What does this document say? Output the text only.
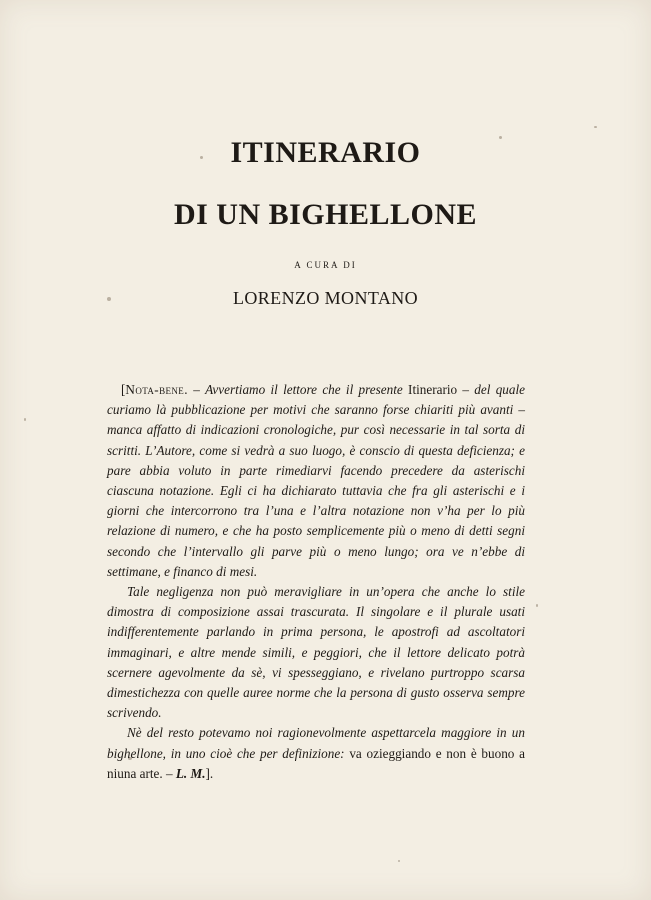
ITINERARIO
DI UN BIGHELLONE
A CURA DI
LORENZO MONTANO

[Nota-bene. – Avvertiamo il lettore che il presente Itinerario – del quale curiamo là pubblicazione per motivi che saranno forse chiariti più avanti – manca affatto di indicazioni cronologiche, pur così necessarie in tal sorta di scritti. L’Autore, come si vedrà a suo luogo, è conscio di questa deficienza; e pare abbia voluto in parte rimediarvi facendo precedere da asterischi ciascuna notazione. Egli ci ha dichiarato tuttavia che fra gli asterischi e i giorni che intercorrono tra l’una e l’altra notazione non v’ha per lo più relazione di numero, e che ha posto semplicemente più o meno di detti segni secondo che l’intervallo gli parve più o meno lungo; ora ve n’ebbe di settimane, e financo di mesi.

Tale negligenza non può meravigliare in un’opera che anche lo stile dimostra di composizione assai trascurata. Il singolare e il plurale usati indifferentemente parlando in prima persona, le apostrofi ad ascoltatori immaginari, e altre mende simili, e peggiori, che il lettore delicato potrà scernere agevolmente da sè, vi spesseggiano, e rivelano purtroppo scarsa dimestichezza con quelle auree norme che la persona di gusto osserva sempre scrivendo.

Nè del resto potevamo noi ragionevolmente aspettarcela maggiore in un bighellone, in uno cioè che per definizione: va ozieggiando e non è buono a niuna arte. – L. M.].
